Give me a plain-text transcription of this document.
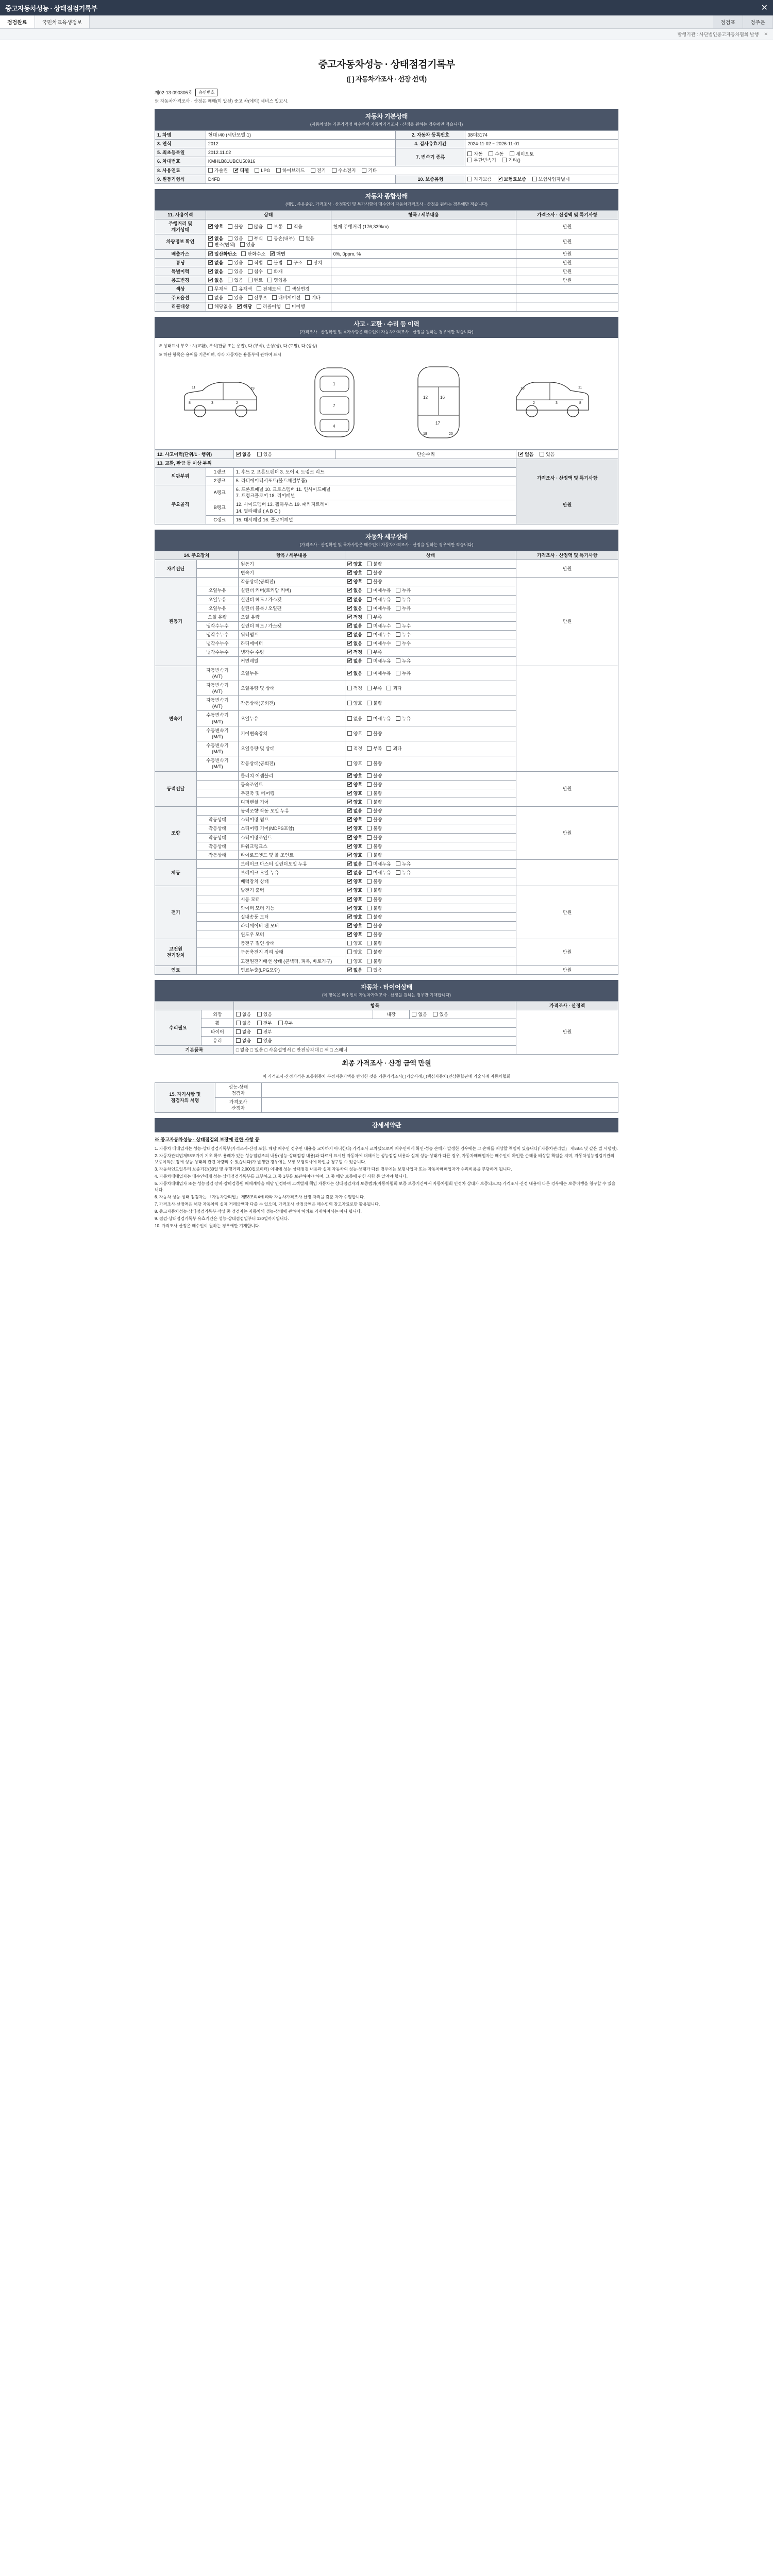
중고자동차성능 · 상태점검기록부	✕
점검완료	국민차교육생정보	점검표	정주문
발행기관 : 사단법인중고자동차협회 발행 ✕
중고자동차성능 · 상태점검기록부
([ ] 자동차가조사 · 선장 선택)
제02-13-090305호	승인번호
※ 자동차가격조사 · 산정은 매매(미 알선) 중고 차(에이) 세비스 입고시.
자동차 기본상태
(자동차성능 기준가격정 매수인이 자동차가격조사 · 산정을 원하는 경우에만 적습니다)
1. 차명	현대 i40 (세단모델·1)	2. 자동차 등록번호	38더3174
3. 연식	2012	4. 검사유효기간	2024-11-02 ~ 2026-11-01
5. 최초등록일	2012.11.02	7. 변속기 종류	자동 수동 세미오토
무단변속기 기타()
6. 차대번호	KMHLB81UBCU50916		
8. 사용연료	가솔린 ✔ 디젤 LPG 하이브리드 전기 수소전지 기타
9. 원동기형식	D4FD	10. 보증유형	자기보증 ✔ 보험료보증 보험사업자별제
자동차 종합상태
(매입, 주유중관, 가격조사 · 산정확인 및 특가사항이 매수인이 자동차가격조사 · 산정을 원하는 경우에만 적습니다)
11. 사용이력	상태	항목 / 세부내용	가격조사 · 산정액 및 특기사항
주행거리 및
계기상태	✔양호 불량 많음 보통 적음	현재 주행거리 (176,339km)	만원
차량정보 확인	✔없음 있음 부식 동손(내부) 없음변조(변색) 있음		만원
배출가스	✔일산화탄소 탄화수소 ✔ 매연	0%, 0ppm, %	만원
튜닝	✔없음 있음 적법 불법 구조 장치		만원
특별이력	✔없음 있음 침수 화재		만원
용도변경	✔없음 있음 렌트 영업용		만원
색상	무채색 유채색 전체도색 색상변경		
주요옵션	없음 있음 선루프 내비게이션 기타		
리콜대상	해당없음 ✔ 해당 리콜이행 미이행		
사고 · 교환 · 수리 등 이력
(가격조사 · 산정확인 및 특가사항은 매수인이 자동차가격조사 · 산정을 원하는 경우에만 적습니다)
※ 상태표시 부호 : 치(교환), 부식(판금 또는 용접), 다 (부식), 손상(심), 다 (도말), 다 (상성)
※ 하단 항목은 용어를 기준이며, 각각 자동차는 용품부에 관하여 표시
11
8	3	2
19
1
7
4
16
12
17
18	20
11
8
3
2
19
12. 사고이력(단위/1 · 행위)	✔없음 있음	단순수리	✔없음 있음
13. 교환, 판금 등 이상 부위				가격조사 · 산정액 및 특기사항
만원

외판부위	1랭크	1. 후드 2. 프론트펜더 3. 도어 4. 트렁크 리드		
	2랭크	5. 라디에이터서포트(볼트체결부품)		
주요골격	A랭크	6. 프론트패널 10. 크로스멤버 11. 인사이드패널
7. 트렁크플로어 18. 리어패널		
	B랭크	12. 사이드멤버 13. 휠하우스 19. 패키지트레이
14. 필라패널 ( A B C )		
	C랭크	15. 대시패널 16. 플로어패널		
자동차 세부상태
(가격조사 · 산정확인 및 특가사항은 매수인이 자동차가격조사 · 산정을 원하는 경우에만 적습니다)
14. 주요장치		항목 / 세부내용	상태	가격조사 · 산정액 및 특기사항
자기진단		원동기	✔양호 불량	만원
		변속기	✔양호 불량
원동기		작동상태(공회전)	✔양호 불량	만원
	오일누유	실린더 커버(로커암 커버)	✔없음 미세누유 누유
	오일누유	실린더 헤드 / 가스켓	✔없음 미세누유 누유
	오일누유	실린더 블록 / 오일팬	✔없음 미세누유 누유
	오일 유량	오일 유량	✔적정 부족
	냉각수누수	실린더 헤드 / 가스켓	✔없음 미세누수 누수
	냉각수누수	워터펌프	✔없음 미세누수 누수
	냉각수누수	라디에이터	✔없음 미세누수 누수
	냉각수누수	냉각수 수량	✔적정 부족
		커먼레일	✔없음 미세누유 누유
변속기	자동변속기
(A/T)	오일누유	✔없음 미세누유 누유	
	자동변속기
(A/T)	오일유량 및 상태	적정 부족 괴다	
	자동변속기
(A/T)	작동상태(공회전)	양호 불량	
	수동변속기
(M/T)	오일누유	없음 미세누유 누유	
	수동변속기
(M/T)	기어변속장치	양호 불량	
	수동변속기
(M/T)	오일유량 및 상태	적정 부족 괴다	
	수동변속기
(M/T)	작동상태(공회전)	양호 불량	
동력전달		클러치 어셈블리	✔양호 불량	만원
		등속조인트	✔양호 불량
		추진축 및 베어링	✔양호 불량
		디퍼렌셜 기어	✔양호 불량
조향		동력조향 작동 오일 누유	✔없음 불량	만원
	작동상태	스티어링 펌프	✔양호 불량
	작동상태	스티어링 기어(MDPS포함)	✔양호 불량
	작동상태	스티어링조인트	✔양호 불량
	작동상태	파워크랭크스	✔양호 불량
	작동상태	타이로드엔드 및 볼 조인트	✔양호 불량
제동		브레이크 마스터 실린더오일 누유	✔없음 미세누유 누유	
		브레이크 오일 누유	✔없음 미세누유 누유
		배력장치 상태	✔양호 불량
전기		발전기 출력	✔양호 불량	만원
		시동 모터	✔양호 불량
		와이퍼 모터 기능	✔양호 불량
		실내송풍 모터	✔양호 불량
		라디에이터 팬 모터	✔양호 불량
		윈도우 모터	✔양호 불량
고전원
전기장치		충전구 절연 상태	양호 불량	만원
		구동축전지 격리 상태	양호 불량	
		고전원전기배선 상태 (콘넥터, 피복, 바로기구)	양호 불량	
연료		연료누출(LPG포함)	✔없음 있음	만원
자동차 · 타이어상태
(이 항목은 매수인이 자동차가격조사 · 산정을 원하는 경우만 기재합니다)
		항목			가격조사 · 산정액
수리필요	외장	없음 있음	내장	없음 있음	만원
	휠	없음 전부 후부			
	타이어	없음 전부			
	유리	없음 있음			
기본품목		□ 없음 □ 있음 □ 사용설명서 □ 안전삼각대 □ 잭 □ 스패너			
최종 가격조사 · 산정 금액 만원
이 가격조사·산정가격은 보통형동차 부정지준가액을 반영한 것을 기준가격조사( )기술사례,( )핵심자동차(인상종합판매 기술사례 자동차협회
15. 자기사항 및
점검자의 서명	성능·상태
점검자	
	가격조사
산정자	
강세세약관
※ 중고자동차성능 · 상태점검의 보장에 관한 사항 등

1. 자동차 매매업자는 성능·상태점검기록부(가격조사·산정 포함. 해당 매수인 경우만 내용을 교차하지 아니한다) 가격조사 교차했으로써 매수인에게 확인·성능 손해가 발생한 경우에는 그 손해를 배상할 책임이 있습니다(「자동차관리법」 제58조 및 같은 법 시행령).

2. 자동차관리법제58조가기 기초 확보 용례가 있는 성능점검조의 내용(성능·상태점검 내용)과 다르게 표시된 자동차에 대해서는 성능점검 내용과 실제 성능·상태가 다른 경우, 자동차매매업자는 매수인이 확인한 손해를 배상할 책임을 지며, 자동차성능점검기관의 보증이익(보장에 성능·상태의 관련 차량의 수 있습니다)가 발생한 경우에는 보장·보험회사에 확인을 청구할 수 있습니다.

3. 자동차인도일부터 보증기간(30일 및 주행거리 2,000킬로미터) 이내에 성능·상태점검 내용과 실제 자동차의 성능·상태가 다른 경우에는 보험사업자 또는 자동차매매업자가 수리비용을 부담하게 됩니다.

4. 자동차매매업자는 매수인에게 성능·상태점검기록부를 교부하고 그 중 1부를 보관하여야 하며, 그 중 해당 보증에 관한 사항 등 알려야 합니다.

5. 자동차매매업자 또는 성능점검 장비·장비검증원 매매계약을 해당 인정하여 고객별제 책임 자동차는 상태점검자의 보증범위(자동차협회 보증 보증기간에서 자동차협회 인정차 상태가 보증되므로) 가격조사·산정 내용이 다른 경우에는 보증이행을 청구할 수 있습니다.

6. 자동차 성능·상태 점검자는 「자동차관리법」 제58조의4에 따라 자동차가격조사·산정 자격을 갖춘 자가 수행합니다.

7. 가격조사·산정액은 해당 자동차의 실제 거래금액과 다를 수 있으며, 가격조사·산정금액은 매수인의 참고자료로만 활용됩니다.

8. 중고자동차성능·상태점검기록부 작성 중 점검자는 자동차의 성능·상태에 관하여 허위로 기재하여서는 아니 됩니다.

9. 점검·상태점검기록부 유효기간은 성능·상태점검일부터 120일까지입니다.

10. 가격조사·산정은 매수인이 원하는 경우에만 기재합니다.
